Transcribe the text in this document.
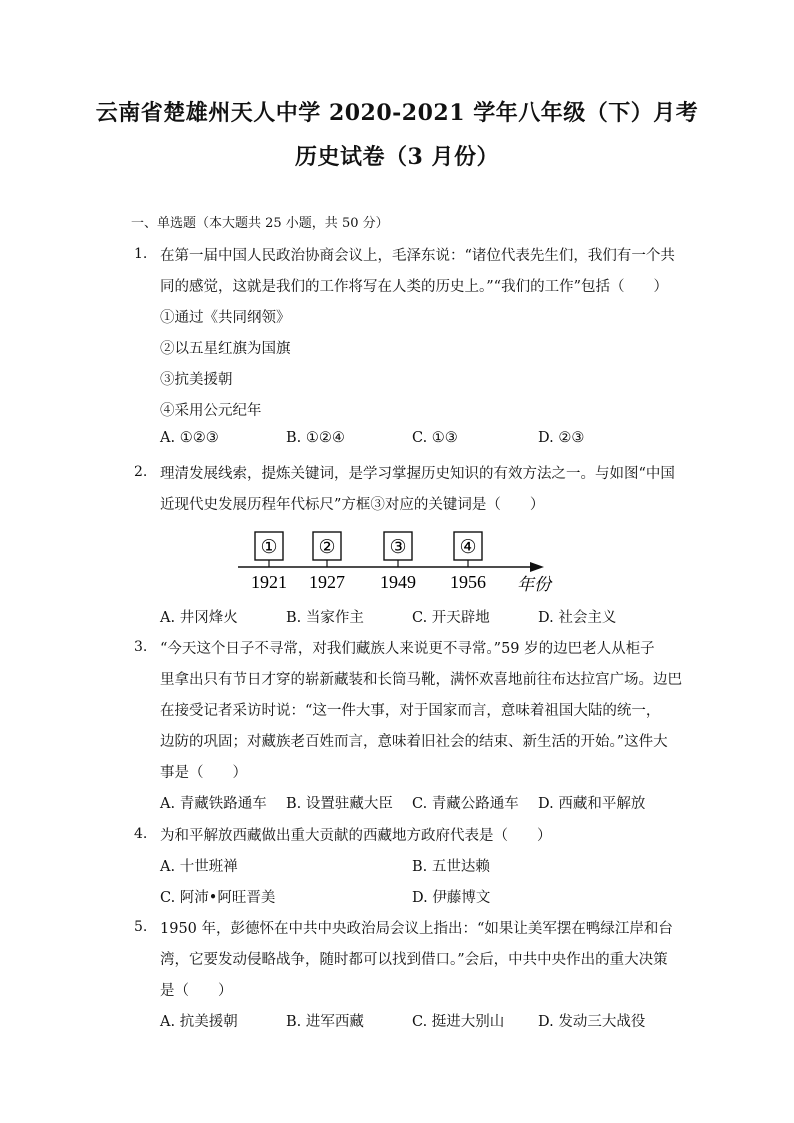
云南省楚雄州天人中学 2020-2021 学年八年级（下）月考
历史试卷（3 月份）
一、单选题（本大题共 25 小题，共 50 分）
1. 在第一届中国人民政治协商会议上，毛泽东说：“诸位代表先生们，我们有一个共
同的感觉，这就是我们的工作将写在人类的历史上。”“我们的工作”包括（　　）
①通过《共同纲领》
②以五星红旗为国旗
③抗美援朝
④采用公元纪年
A. ①②③	B. ①②④	C. ①③	D. ②③
2. 理清发展线索，提炼关键词，是学习掌握历史知识的有效方法之一。与如图“中国
近现代史发展历程年代标尺”方框③对应的关键词是（　　）
① ②	③	④
1921 1927 1949 1956 年份
A. 井冈烽火	B. 当家作主	C. 开天辟地	D. 社会主义
3. “今天这个日子不寻常，对我们藏族人来说更不寻常。”59 岁的边巴老人从柜子
里拿出只有节日才穿的崭新藏装和长筒马靴，满怀欢喜地前往布达拉宫广场。边巴
在接受记者采访时说：“这一件大事，对于国家而言，意味着祖国大陆的统一，
边防的巩固；对藏族老百姓而言，意味着旧社会的结束、新生活的开始。”这件大
事是（　　）
A. 青藏铁路通车 B. 设置驻藏大臣 C. 青藏公路通车 D. 西藏和平解放
4. 为和平解放西藏做出重大贡献的西藏地方政府代表是（　　）
A. 十世班禅	B. 五世达赖
C. 阿沛•阿旺晋美	D. 伊藤博文
5. 1950 年，彭德怀在中共中央政治局会议上指出：“如果让美军摆在鸭绿江岸和台
湾，它要发动侵略战争，随时都可以找到借口。”会后，中共中央作出的重大决策
是（　　）
A. 抗美援朝	B. 进军西藏	C. 挺进大别山 D. 发动三大战役
